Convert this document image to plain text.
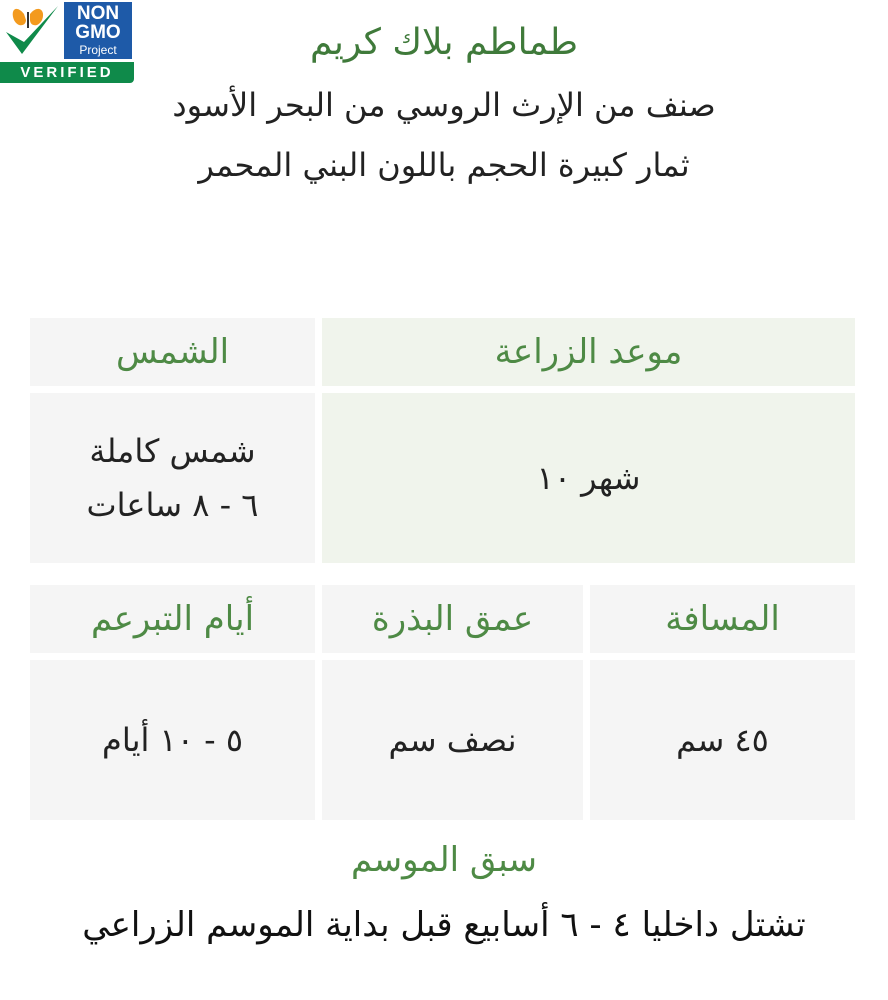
NON
GMO
Project
VERIFIED
طماطم بلاك كريم
صنف من الإرث الروسي من البحر الأسود
ثمار كبيرة الحجم باللون البني المحمر
موعد الزراعة
الشمس
شهر ١٠
شمس كاملة
٦ - ٨ ساعات
المسافة
عمق البذرة
أيام التبرعم
٤٥ سم
نصف سم
٥ - ١٠ أيام
سبق الموسم
تشتل داخليا ٤ - ٦ أسابيع قبل بداية الموسم الزراعي
